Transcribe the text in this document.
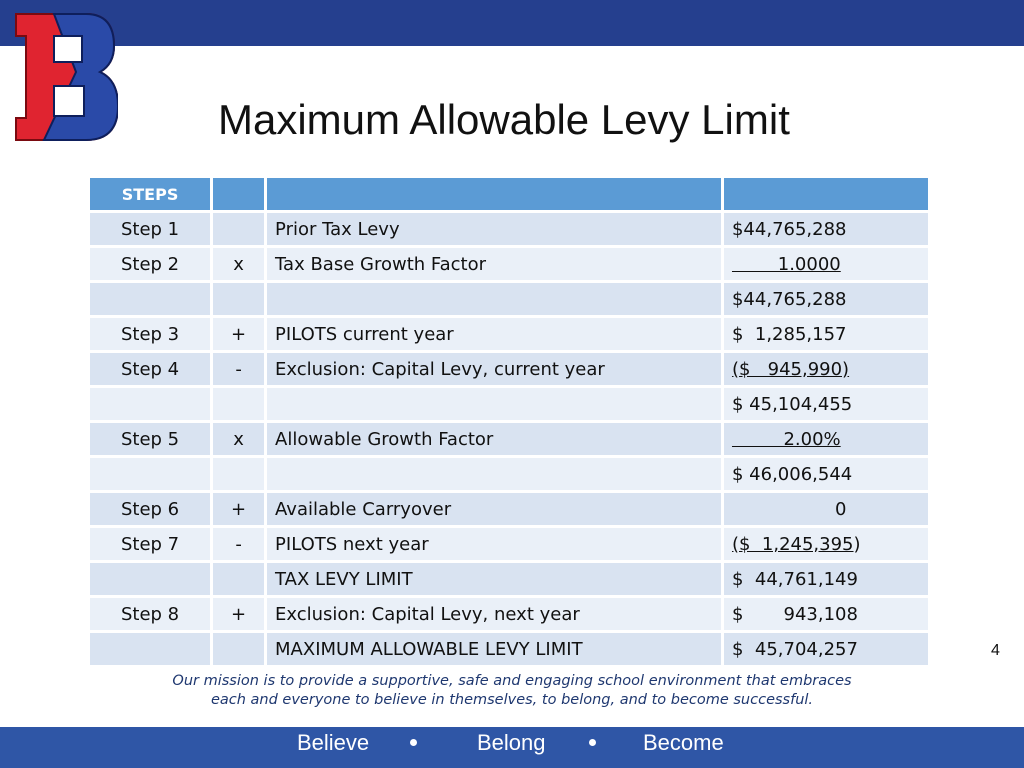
Maximum Allowable Levy Limit
STEPS			
Step 1		Prior Tax Levy	$44,765,288
Step 2	x	Tax Base Growth Factor	1.0000
			$44,765,288
Step 3	+	PILOTS current year	$  1,285,157
Step 4	-	Exclusion: Capital Levy, current year	($   945,990)
			$ 45,104,455
Step 5	x	Allowable Growth Factor	2.00%
			$ 46,006,544
Step 6	+	Available Carryover	0
Step 7	-	PILOTS next year	($  1,245,395)
		TAX LEVY LIMIT	$  44,761,149
Step 8	+	Exclusion: Capital Levy, next year	$       943,108
		MAXIMUM ALLOWABLE LEVY LIMIT	$  45,704,257	4
Our mission is to provide a supportive, safe and engaging school environment that embraces
each and everyone to believe in themselves, to belong, and to become successful.
Believe	Belong	Become
